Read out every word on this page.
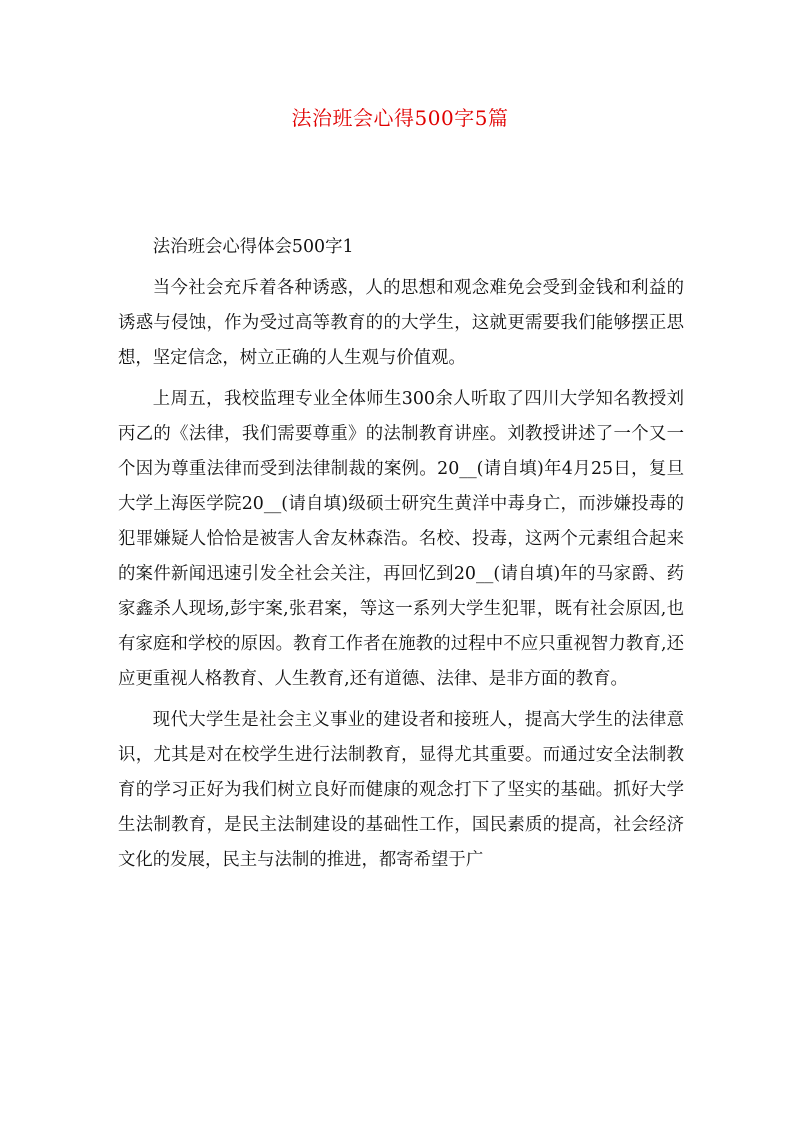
法治班会心得500字5篇

法治班会心得体会500字1

当今社会充斥着各种诱惑，人的思想和观念难免会受到金钱和利益的诱惑与侵蚀，作为受过高等教育的的大学生，这就更需要我们能够摆正思想，坚定信念，树立正确的人生观与价值观。

上周五，我校监理专业全体师生300余人听取了四川大学知名教授刘丙乙的《法律，我们需要尊重》的法制教育讲座。刘教授讲述了一个又一个因为尊重法律而受到法律制裁的案例。20__(请自填)年4月25日，复旦大学上海医学院20__(请自填)级硕士研究生黄洋中毒身亡，而涉嫌投毒的犯罪嫌疑人恰恰是被害人舍友林森浩。名校、投毒，这两个元素组合起来的案件新闻迅速引发全社会关注，再回忆到20__(请自填)年的马家爵、药家鑫杀人现场,彭宇案,张君案，等这一系列大学生犯罪，既有社会原因,也有家庭和学校的原因。教育工作者在施教的过程中不应只重视智力教育,还应更重视人格教育、人生教育,还有道德、法律、是非方面的教育。

现代大学生是社会主义事业的建设者和接班人，提高大学生的法律意识，尤其是对在校学生进行法制教育，显得尤其重要。而通过安全法制教育的学习正好为我们树立良好而健康的观念打下了坚实的基础。抓好大学生法制教育，是民主法制建设的基础性工作，国民素质的提高，社会经济文化的发展，民主与法制的推进，都寄希望于广
